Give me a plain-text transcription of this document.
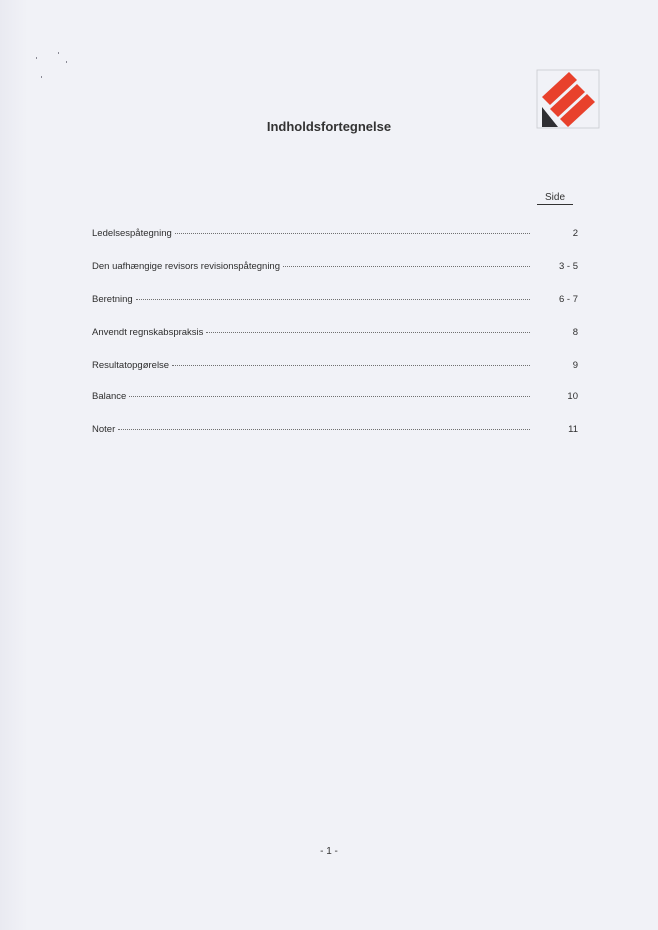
Indholdsfortegnelse
Side
Ledelsespåtegning	2
Den uafhængige revisors revisionspåtegning	3 - 5
Beretning	6 - 7
Anvendt regnskabspraksis	8
Resultatopgørelse	9
Balance	10
Noter	11
- 1 -
